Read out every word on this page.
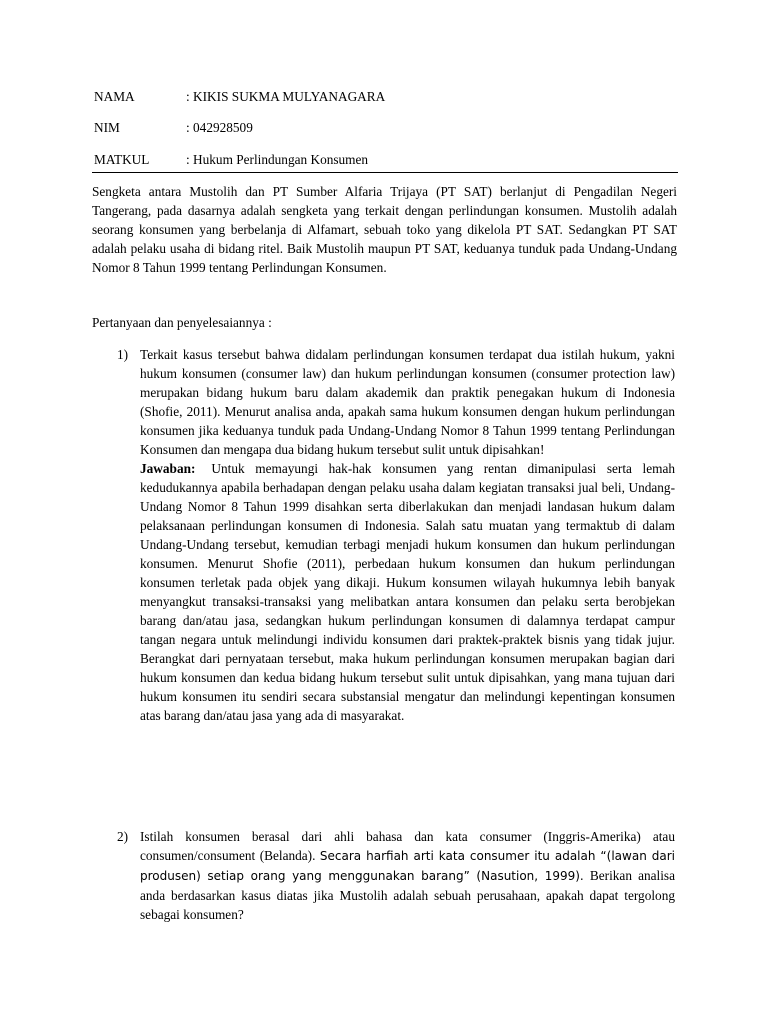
NAMA	: KIKIS SUKMA MULYANAGARA
NIM	: 042928509
MATKUL	: Hukum Perlindungan Konsumen

Sengketa antara Mustolih dan PT Sumber Alfaria Trijaya (PT SAT) berlanjut di Pengadilan Negeri Tangerang, pada dasarnya adalah sengketa yang terkait dengan perlindungan konsumen. Mustolih adalah seorang konsumen yang berbelanja di Alfamart, sebuah toko yang dikelola PT SAT. Sedangkan PT SAT adalah pelaku usaha di bidang ritel. Baik Mustolih maupun PT SAT, keduanya tunduk pada Undang-Undang Nomor 8 Tahun 1999 tentang Perlindungan Konsumen.

Pertanyaan dan penyelesaiannya :

1) Terkait kasus tersebut bahwa didalam perlindungan konsumen terdapat dua istilah hukum, yakni hukum konsumen (consumer law) dan hukum perlindungan konsumen (consumer protection law) merupakan bidang hukum baru dalam akademik dan praktik penegakan hukum di Indonesia (Shofie, 2011). Menurut analisa anda, apakah sama hukum konsumen dengan hukum perlindungan konsumen jika keduanya tunduk pada Undang-Undang Nomor 8 Tahun 1999 tentang Perlindungan Konsumen dan mengapa dua bidang hukum tersebut sulit untuk dipisahkan!
Jawaban: Untuk memayungi hak-hak konsumen yang rentan dimanipulasi serta lemah kedudukannya apabila berhadapan dengan pelaku usaha dalam kegiatan transaksi jual beli, Undang-Undang Nomor 8 Tahun 1999 disahkan serta diberlakukan dan menjadi landasan hukum dalam pelaksanaan perlindungan konsumen di Indonesia. Salah satu muatan yang termaktub di dalam Undang-Undang tersebut, kemudian terbagi menjadi hukum konsumen dan hukum perlindungan konsumen. Menurut Shofie (2011), perbedaan hukum konsumen dan hukum perlindungan konsumen terletak pada objek yang dikaji. Hukum konsumen wilayah hukumnya lebih banyak menyangkut transaksi-transaksi yang melibatkan antara konsumen dan pelaku serta berobjekan barang dan/atau jasa, sedangkan hukum perlindungan konsumen di dalamnya terdapat campur tangan negara untuk melindungi individu konsumen dari praktek-praktek bisnis yang tidak jujur. Berangkat dari pernyataan tersebut, maka hukum perlindungan konsumen merupakan bagian dari hukum konsumen dan kedua bidang hukum tersebut sulit untuk dipisahkan, yang mana tujuan dari hukum konsumen itu sendiri secara substansial mengatur dan melindungi kepentingan konsumen atas barang dan/atau jasa yang ada di masyarakat.
2) Istilah konsumen berasal dari ahli bahasa dan kata consumer (Inggris-Amerika) atau consumen/consument (Belanda). Secara harfiah arti kata consumer itu adalah “(lawan dari produsen) setiap orang yang menggunakan barang” (Nasution, 1999). Berikan analisa anda berdasarkan kasus diatas jika Mustolih adalah sebuah perusahaan, apakah dapat tergolong sebagai konsumen?
